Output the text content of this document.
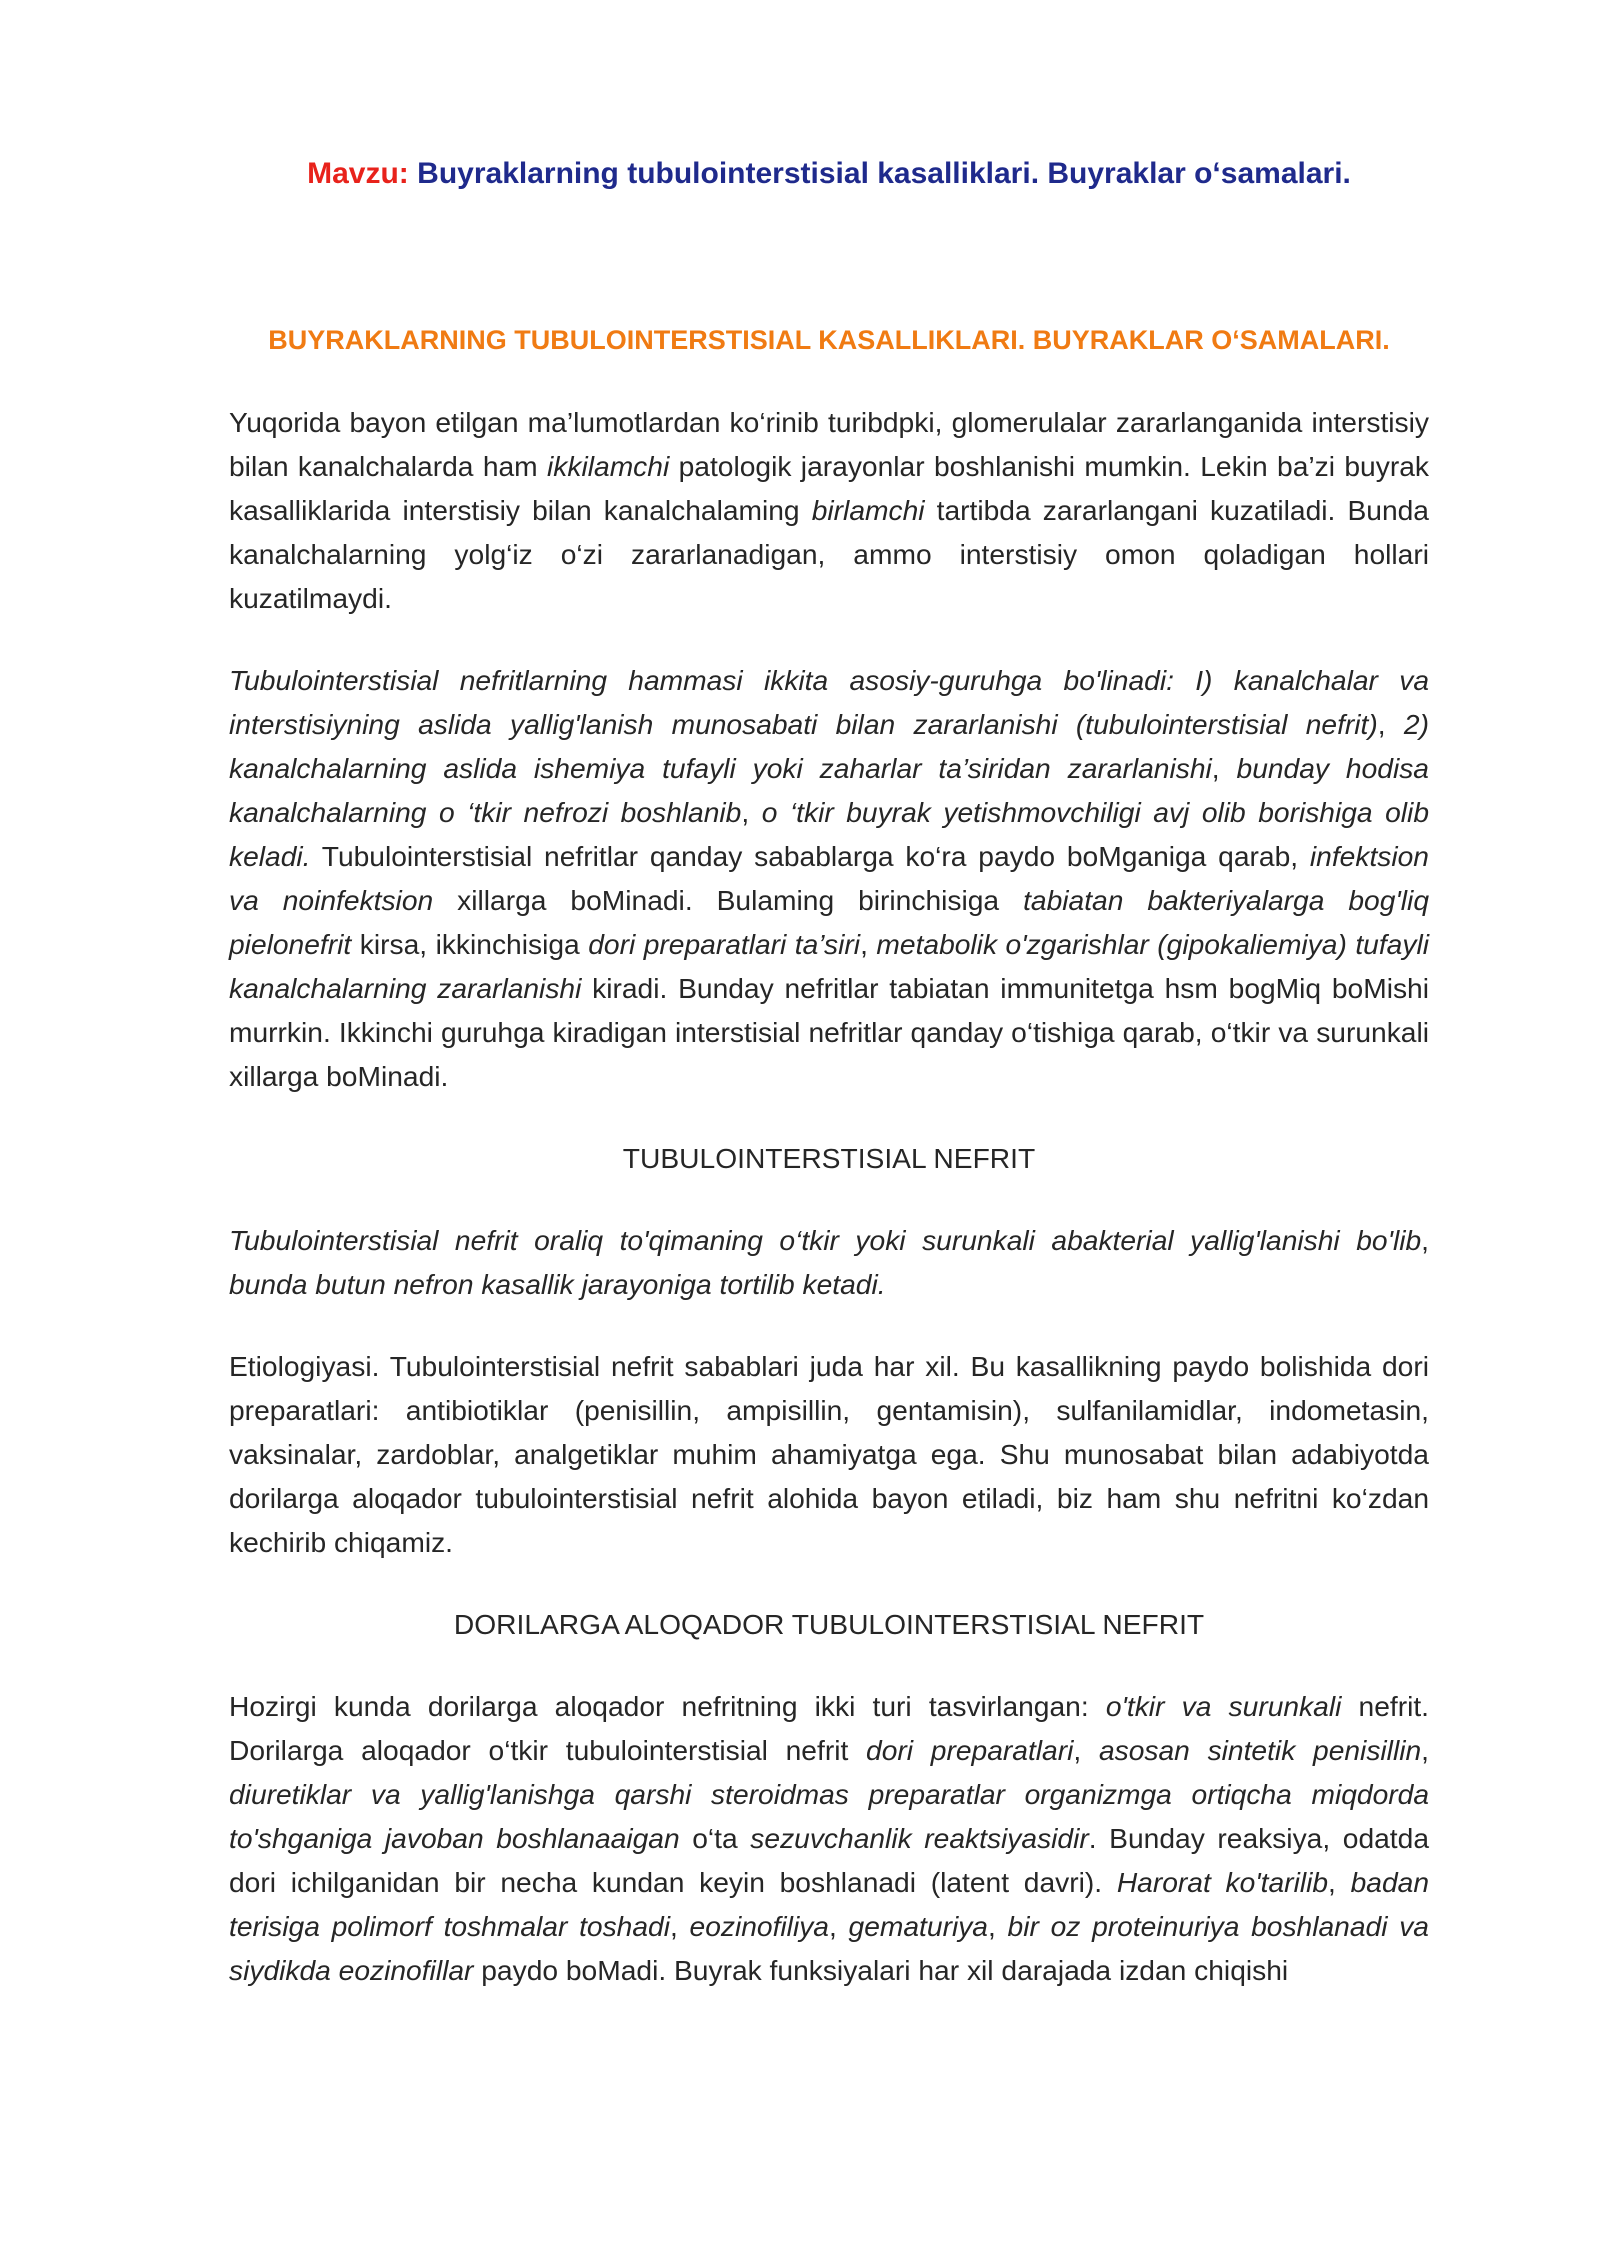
Mavzu: Buyraklarning tubulointerstisial kasalliklari. Buyraklar o‘samalari.
BUYRAKLARNING TUBULOINTERSTISIAL KASALLIKLARI. BUYRAKLAR O‘SAMALARI.

Yuqorida bayon etilgan ma’lumotlardan ko‘rinib turibdpki, glomerulalar zararlanganida interstisiy bilan kanalchalarda ham ikkilamchi patologik jarayonlar boshlanishi mumkin. Lekin ba’zi buyrak kasalliklarida interstisiy bilan kanalchalaming birlamchi tartibda zararlangani kuzatiladi. Bunda kanalchalarning yolg‘iz o‘zi zararlanadigan, ammo interstisiy omon qoladigan hollari kuzatilmaydi.

Tubulointerstisial nefritlarning hammasi ikkita asosiy-guruhga bo'linadi: I) kanalchalar va interstisiyning aslida yallig'lanish munosabati bilan zararlanishi (tubulointerstisial nefrit), 2) kanalchalarning aslida ishemiya tufayli yoki zaharlar ta’siridan zararlanishi, bunday hodisa kanalchalarning o ‘tkir nefrozi boshlanib, o ‘tkir buyrak yetishmovchiligi avj olib borishiga olib keladi. Tubulointerstisial nefritlar qanday sabablarga ko‘ra paydo boMganiga qarab, infektsion va noinfektsion xillarga boMinadi. Bulaming birinchisiga tabiatan bakteriyalarga bog'liq pielonefrit kirsa, ikkinchisiga dori preparatlari ta’siri, metabolik o'zgarishlar (gipokaliemiya) tufayli kanalchalarning zararlanishi kiradi. Bunday nefritlar tabiatan immunitetga hsm bogMiq boMishi murrkin. Ikkinchi guruhga kiradigan interstisial nefritlar qanday o‘tishiga qarab, o‘tkir va surunkali xillarga boMinadi.

TUBULOINTERSTISIAL NEFRIT

Tubulointerstisial nefrit oraliq to'qimaning o‘tkir yoki surunkali abakterial yallig'lanishi bo'lib, bunda butun nefron kasallik jarayoniga tortilib ketadi.

Etiologiyasi. Tubulointerstisial nefrit sabablari juda har xil. Bu kasallikning paydo bolishida dori preparatlari: antibiotiklar (penisillin, ampisillin, gentamisin), sulfanilamidlar, indometasin, vaksinalar, zardoblar, analgetiklar muhim ahamiyatga ega. Shu munosabat bilan adabiyotda dorilarga aloqador tubulointerstisial nefrit alohida bayon etiladi, biz ham shu nefritni ko‘zdan kechirib chiqamiz.

DORILARGA ALOQADOR TUBULOINTERSTISIAL NEFRIT

Hozirgi kunda dorilarga aloqador nefritning ikki turi tasvirlangan: o'tkir va surunkali nefrit. Dorilarga aloqador o‘tkir tubulointerstisial nefrit dori preparatlari, asosan sintetik penisillin, diuretiklar va yallig'lanishga qarshi steroidmas preparatlar organizmga ortiqcha miqdorda to'shganiga javoban boshlanaaigan o‘ta sezuvchanlik reaktsiyasidir. Bunday reaksiya, odatda dori ichilganidan bir necha kundan keyin boshlanadi (latent davri). Harorat ko'tarilib, badan terisiga polimorf toshmalar toshadi, eozinofiliya, gematuriya, bir oz proteinuriya boshlanadi va siydikda eozinofillar paydo boMadi. Buyrak funksiyalari har xil darajada izdan chiqishi
